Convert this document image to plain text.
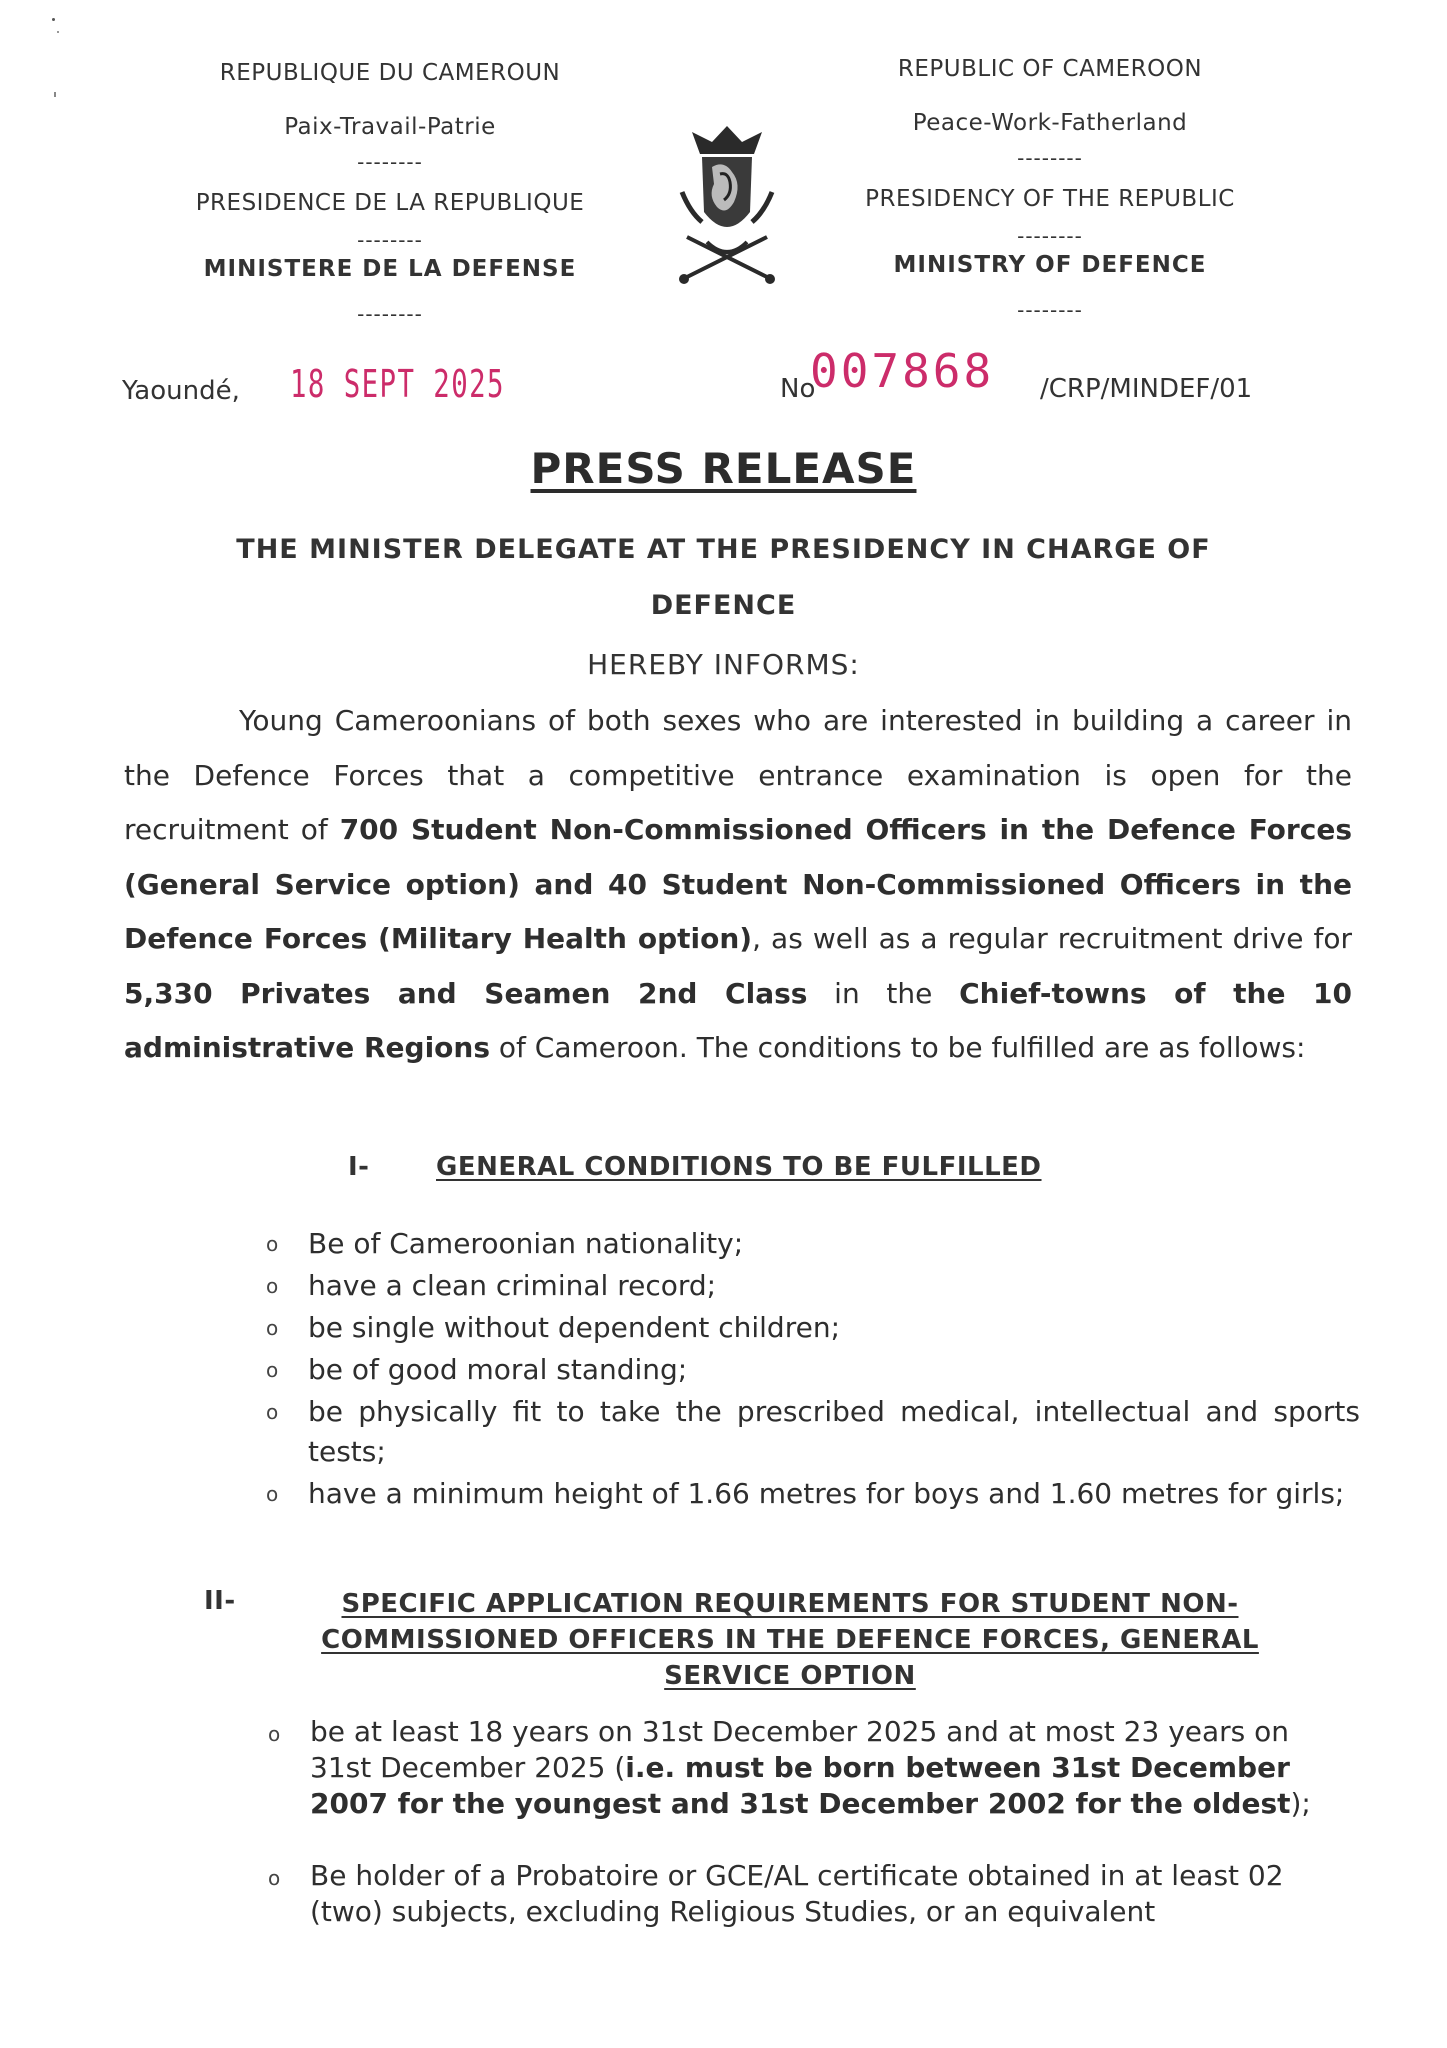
REPUBLIQUE DU CAMEROUN
Paix-Travail-Patrie
--------
PRESIDENCE DE LA REPUBLIQUE
--------
MINISTERE DE LA DEFENSE
--------
REPUBLIC OF CAMEROON
Peace-Work-Fatherland
--------
PRESIDENCY OF THE REPUBLIC
--------
MINISTRY OF DEFENCE
--------
Yaoundé, 18 SEPT 2025	No
007868 /CRP/MINDEF/01
PRESS RELEASE
THE MINISTER DELEGATE AT THE PRESIDENCY IN CHARGE OF
DEFENCE
HEREBY INFORMS:
Young Cameroonians of both sexes who are interested in building a career in the Defence Forces that a competitive entrance examination is open for the recruitment of 700 Student Non-Commissioned Officers in the Defence Forces (General Service option) and 40 Student Non-Commissioned Officers in the Defence Forces (Military Health option), as well as a regular recruitment drive for 5,330 Privates and Seamen 2nd Class in the Chief-towns of the 10 administrative Regions of Cameroon. The conditions to be fulfilled are as follows:
I-	GENERAL CONDITIONS TO BE FULFILLED
o Be of Cameroonian nationality;
o have a clean criminal record;
o be single without dependent children;
o be of good moral standing;
o be physically fit to take the prescribed medical, intellectual and sports tests;
o have a minimum height of 1.66 metres for boys and 1.60 metres for girls;
II-	SPECIFIC APPLICATION REQUIREMENTS FOR STUDENT NON-
COMMISSIONED OFFICERS IN THE DEFENCE FORCES, GENERAL
SERVICE OPTION
o be at least 18 years on 31st December 2025 and at most 23 years on 31st December 2025 (i.e. must be born between 31st December 2007 for the youngest and 31st December 2002 for the oldest);
o Be holder of a Probatoire or GCE/AL certificate obtained in at least 02 (two) subjects, excluding Religious Studies, or an equivalent
